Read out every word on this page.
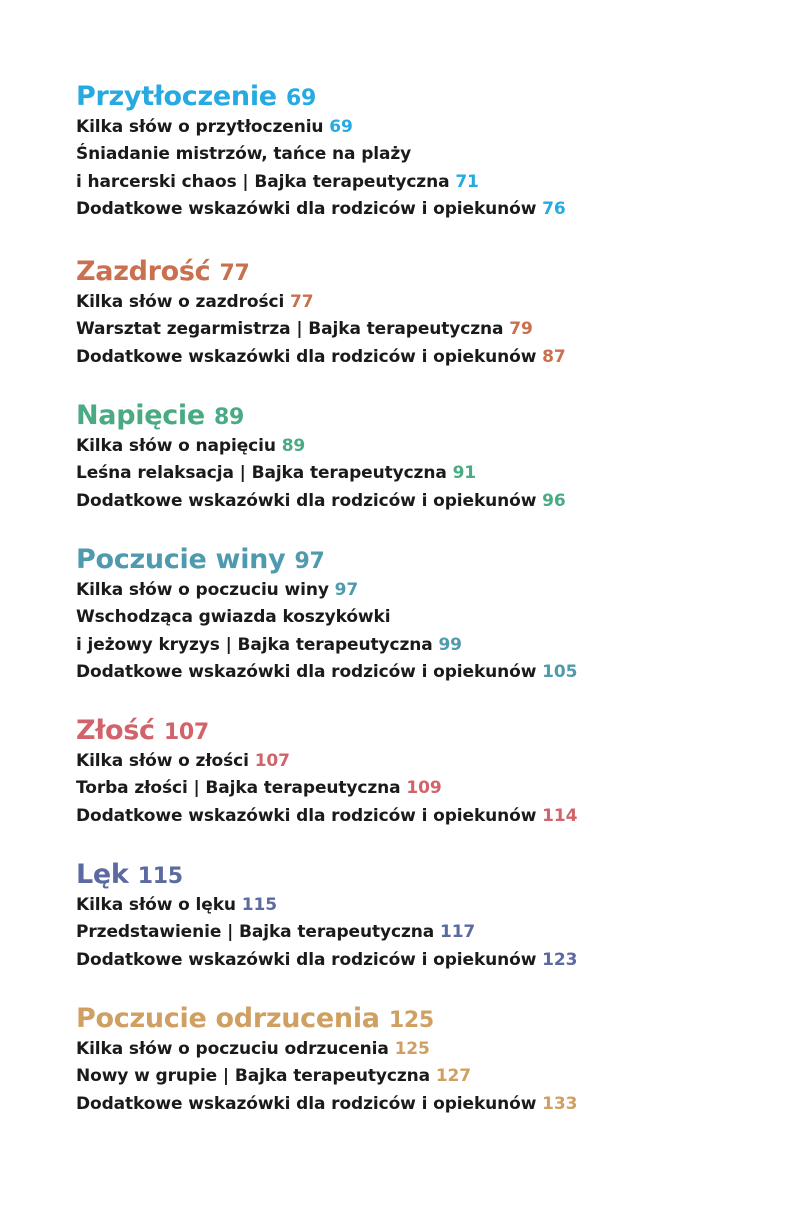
Przytłoczenie 69
Kilka słów o przytłoczeniu 69
Śniadanie mistrzów, tańce na plaży
i harcerski chaos | Bajka terapeutyczna 71
Dodatkowe wskazówki dla rodziców i opiekunów 76
Zazdrość 77
Kilka słów o zazdrości 77
Warsztat zegarmistrza | Bajka terapeutyczna 79
Dodatkowe wskazówki dla rodziców i opiekunów 87
Napięcie 89
Kilka słów o napięciu 89
Leśna relaksacja | Bajka terapeutyczna 91
Dodatkowe wskazówki dla rodziców i opiekunów 96
Poczucie winy 97
Kilka słów o poczuciu winy 97
Wschodząca gwiazda koszykówki
i jeżowy kryzys | Bajka terapeutyczna 99
Dodatkowe wskazówki dla rodziców i opiekunów 105
Złość 107
Kilka słów o złości 107
Torba złości | Bajka terapeutyczna 109
Dodatkowe wskazówki dla rodziców i opiekunów 114
Lęk 115
Kilka słów o lęku 115
Przedstawienie | Bajka terapeutyczna 117
Dodatkowe wskazówki dla rodziców i opiekunów 123
Poczucie odrzucenia 125
Kilka słów o poczuciu odrzucenia 125
Nowy w grupie | Bajka terapeutyczna 127
Dodatkowe wskazówki dla rodziców i opiekunów 133
